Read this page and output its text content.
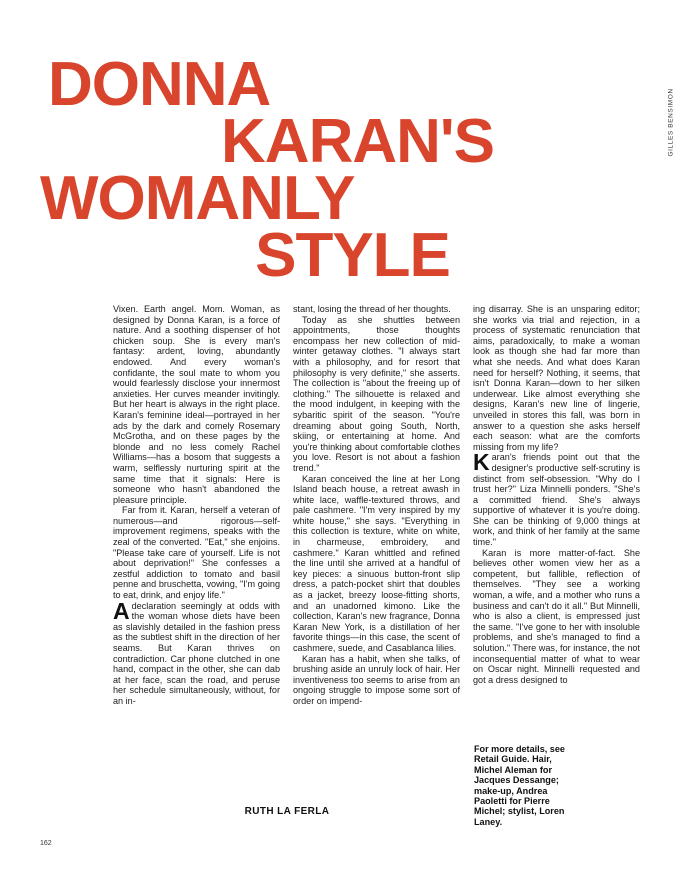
GILLES BENSIMON
DONNA
KARAN'S
WOMANLY
STYLE

Vixen. Earth angel. Mom. Woman, as designed by Donna Karan, is a force of nature. And a soothing dispenser of hot chicken soup. She is every man's fantasy: ardent, loving, abundantly endowed. And every woman's confidante, the soul mate to whom you would fearlessly disclose your innermost anxieties. Her curves meander invitingly. But her heart is always in the right place. Karan's feminine ideal—portrayed in her ads by the dark and comely Rosemary McGrotha, and on these pages by the blonde and no less comely Rachel Williams—has a bosom that suggests a warm, selflessly nurturing spirit at the same time that it signals: Here is someone who hasn't abandoned the pleasure principle.

Far from it. Karan, herself a veteran of numerous—and rigorous—self-improvement regimens, speaks with the zeal of the converted. "Eat," she enjoins. "Please take care of yourself. Life is not about deprivation!" She confesses a zestful addiction to tomato and basil penne and bruschetta, vowing, "I'm going to eat, drink, and enjoy life."

Adeclaration seemingly at odds with the woman whose diets have been as slavishly detailed in the fashion press as the subtlest shift in the direction of her seams. But Karan thrives on contradiction. Car phone clutched in one hand, compact in the other, she can dab at her face, scan the road, and peruse her schedule simultaneously, without, for an in-

stant, losing the thread of her thoughts.

Today as she shuttles between appointments, those thoughts encompass her new collection of mid-winter getaway clothes. "I always start with a philosophy, and for resort that philosophy is very definite," she asserts. The collection is "about the freeing up of clothing." The silhouette is relaxed and the mood indulgent, in keeping with the sybaritic spirit of the season. "You're dreaming about going South, North, skiing, or entertaining at home. And you're thinking about comfortable clothes you love. Resort is not about a fashion trend."

Karan conceived the line at her Long Island beach house, a retreat awash in white lace, waffle-textured throws, and pale cashmere. "I'm very inspired by my white house," she says. "Everything in this collection is texture, white on white, in charmeuse, embroidery, and cashmere." Karan whittled and refined the line until she arrived at a handful of key pieces: a sinuous button-front slip dress, a patch-pocket shirt that doubles as a jacket, breezy loose-fitting shorts, and an unadorned kimono. Like the collection, Karan's new fragrance, Donna Karan New York, is a distillation of her favorite things—in this case, the scent of cashmere, suede, and Casablanca lilies.

Karan has a habit, when she talks, of brushing aside an unruly lock of hair. Her inventiveness too seems to arise from an ongoing struggle to impose some sort of order on impend-

ing disarray. She is an unsparing editor; she works via trial and rejection, in a process of systematic renunciation that aims, paradoxically, to make a woman look as though she had far more than what she needs. And what does Karan need for herself? Nothing, it seems, that isn't Donna Karan—down to her silken underwear. Like almost everything she designs, Karan's new line of lingerie, unveiled in stores this fall, was born in answer to a question she asks herself each season: what are the comforts missing from my life?

Karan's friends point out that the designer's productive self-scrutiny is distinct from self-obsession. "Why do I trust her?" Liza Minnelli ponders. "She's a committed friend. She's always supportive of whatever it is you're doing. She can be thinking of 9,000 things at work, and think of her family at the same time."

Karan is more matter-of-fact. She believes other women view her as a competent, but fallible, reflection of themselves. "They see a working woman, a wife, and a mother who runs a business and can't do it all." But Minnelli, who is also a client, is empressed just the same. "I've gone to her with insoluble problems, and she's managed to find a solution." There was, for instance, the not inconsequential matter of what to wear on Oscar night. Minnelli requested and got a dress designed to

For more details, see Retail Guide. Hair, Michel Aleman for Jacques Dessange; make-up, Andrea Paoletti for Pierre Michel; stylist, Loren Laney.
RUTH LA FERLA
162
